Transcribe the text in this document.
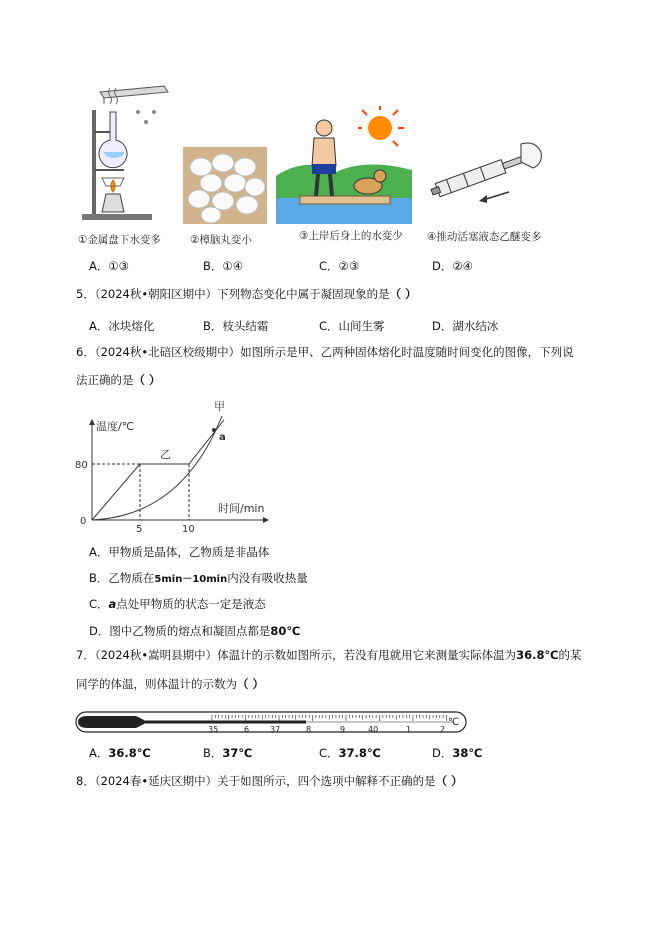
①金属盘下水变多	②樟脑丸变小	③上岸后身上的水变少 ④推动活塞液态乙醚变多
A．①③	B．①④	C．②③	D．②④
5．（2024秋•朝阳区期中）下列物态变化中属于凝固现象的是（ ）
A．冰块熔化	B．枝头结霜	C．山间生雾	D．湖水结冰
6．（2024秋•北碚区校级期中）如图所示是甲、乙两种固体熔化时温度随时间变化的图像，下列说
法正确的是（ ）
温度/℃
时间/min
80
0
5	10
甲
乙
a
A．甲物质是晶体，乙物质是非晶体
B．乙物质在5min－10min内没有吸收热量
C．a点处甲物质的状态一定是液态
D．图中乙物质的熔点和凝固点都是80℃
7．（2024秋•嵩明县期中）体温计的示数如图所示，若没有甩就用它来测量实际体温为36.8℃的某
同学的体温，则体温计的示数为（ ）
35	6	37	8	9	40	1	2
℃
A．36.8℃	B．37℃	C．37.8℃	D．38℃
8．（2024春•延庆区期中）关于如图所示，四个选项中解释不正确的是（ ）
